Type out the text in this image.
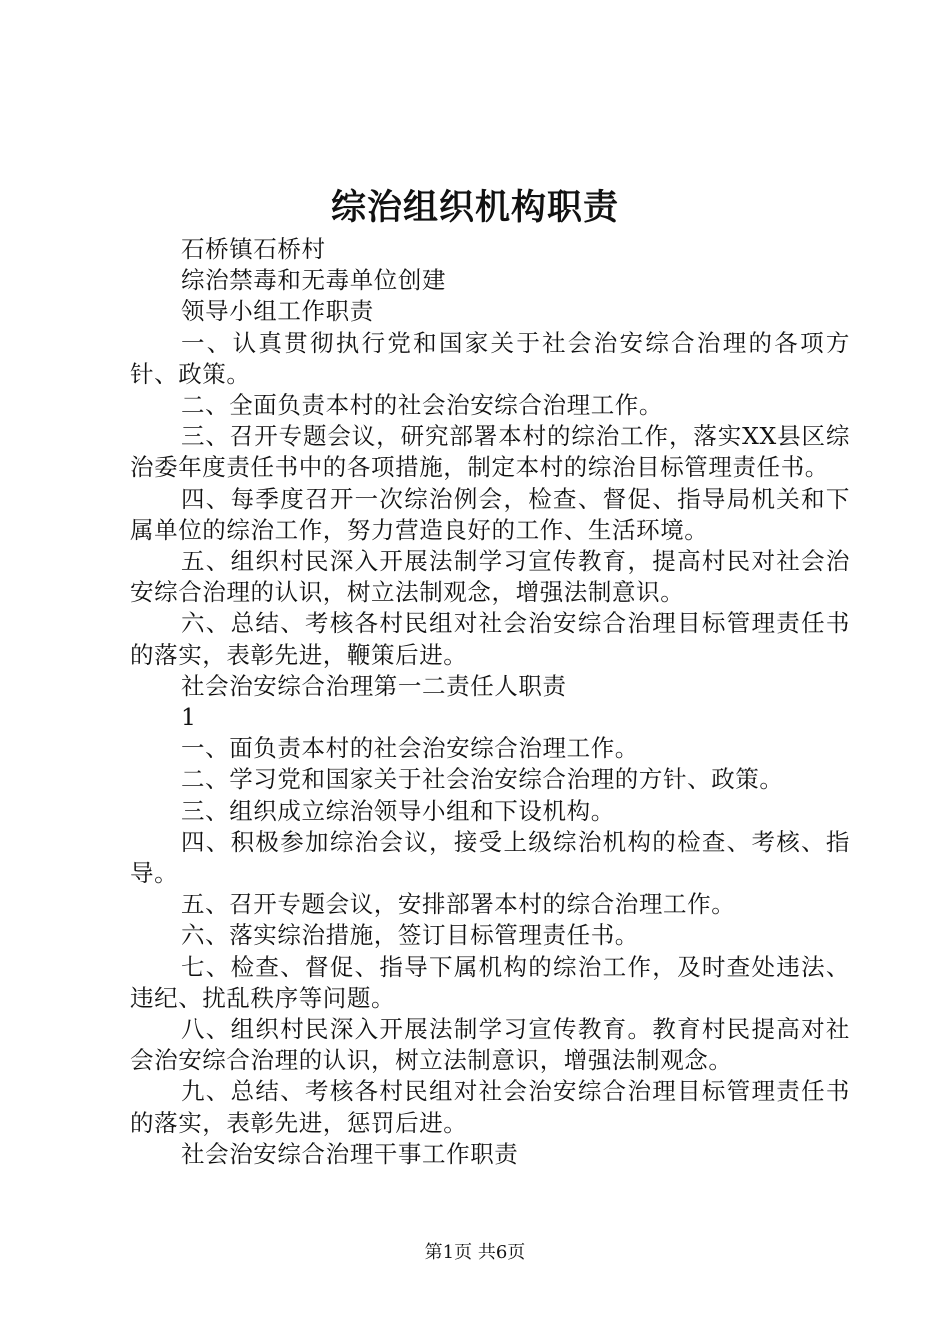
综治组织机构职责

石桥镇石桥村

综治禁毒和无毒单位创建

领导小组工作职责

一、认真贯彻执行党和国家关于社会治安综合治理的各项方针、政策。

二、全面负责本村的社会治安综合治理工作。

三、召开专题会议，研究部署本村的综治工作，落实XX县区综治委年度责任书中的各项措施，制定本村的综治目标管理责任书。

四、每季度召开一次综治例会，检查、督促、指导局机关和下属单位的综治工作，努力营造良好的工作、生活环境。

五、组织村民深入开展法制学习宣传教育，提高村民对社会治安综合治理的认识，树立法制观念，增强法制意识。

六、总结、考核各村民组对社会治安综合治理目标管理责任书的落实，表彰先进，鞭策后进。

社会治安综合治理第一二责任人职责

1

一、面负责本村的社会治安综合治理工作。

二、学习党和国家关于社会治安综合治理的方针、政策。

三、组织成立综治领导小组和下设机构。

四、积极参加综治会议，接受上级综治机构的检查、考核、指导。

五、召开专题会议，安排部署本村的综合治理工作。

六、落实综治措施，签订目标管理责任书。

七、检查、督促、指导下属机构的综治工作，及时查处违法、违纪、扰乱秩序等问题。

八、组织村民深入开展法制学习宣传教育。教育村民提高对社会治安综合治理的认识，树立法制意识，增强法制观念。

九、总结、考核各村民组对社会治安综合治理目标管理责任书的落实，表彰先进，惩罚后进。

社会治安综合治理干事工作职责

第1页 共6页
